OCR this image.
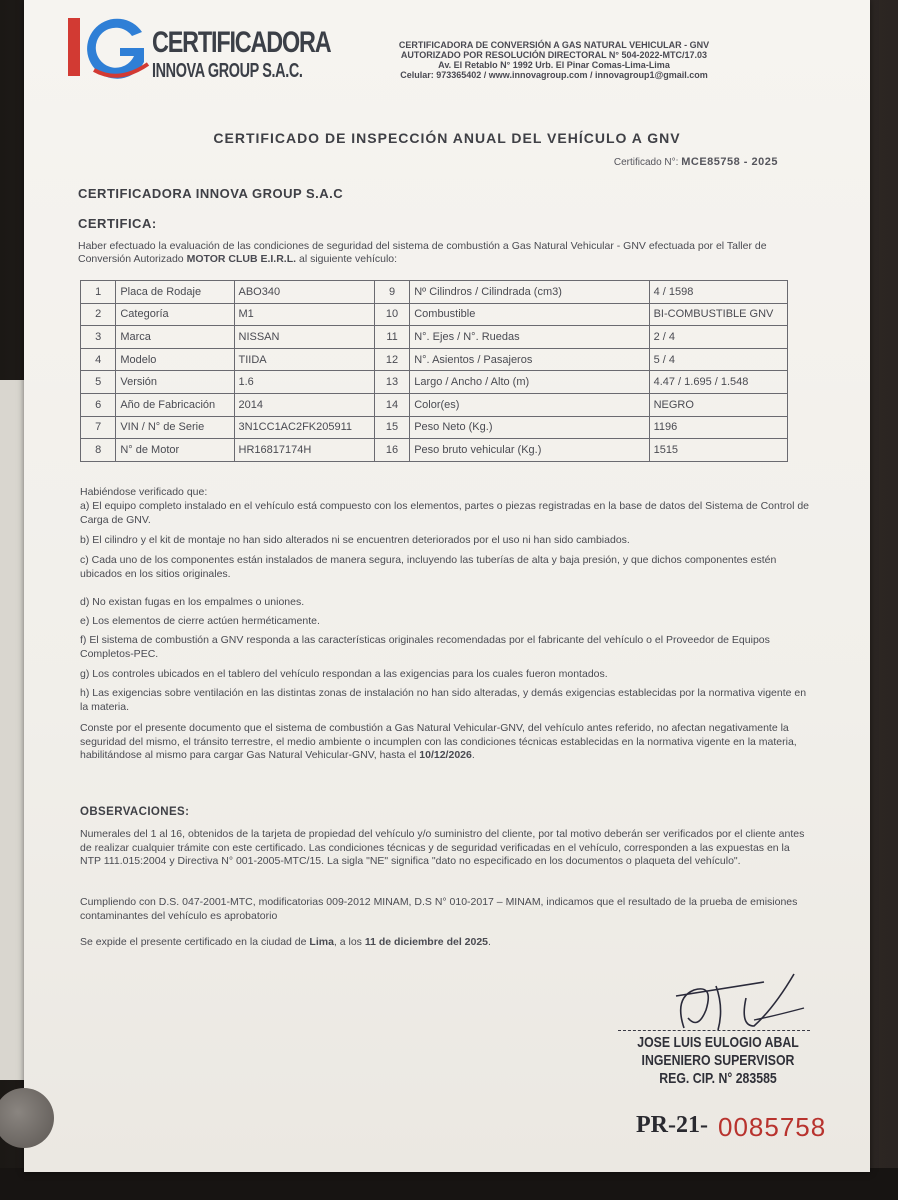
CERTIFICADORA
INNOVA GROUP S.A.C.
CERTIFICADORA DE CONVERSIÓN A GAS NATURAL VEHICULAR - GNV
AUTORIZADO POR RESOLUCIÓN DIRECTORAL N° 504-2022-MTC/17.03
Av. El Retablo N° 1992 Urb. El Pinar Comas-Lima-Lima
Celular: 973365402 / www.innovagroup.com / innovagroup1@gmail.com
CERTIFICADO DE INSPECCIÓN ANUAL DEL VEHÍCULO A GNV
Certificado N°: MCE85758 - 2025
CERTIFICADORA INNOVA GROUP S.A.C
CERTIFICA:
Haber efectuado la evaluación de las condiciones de seguridad del sistema de combustión a Gas Natural Vehicular - GNV efectuada por el Taller de Conversión Autorizado MOTOR CLUB E.I.R.L. al siguiente vehículo:
1	Placa de Rodaje	ABO340	9	Nº Cilindros / Cilindrada (cm3)	4 / 1598
2	Categoría	M1	10	Combustible	BI-COMBUSTIBLE GNV
3	Marca	NISSAN	11	N°. Ejes / N°. Ruedas	2 / 4
4	Modelo	TIIDA	12	N°. Asientos / Pasajeros	5 / 4
5	Versión	1.6	13	Largo / Ancho / Alto (m)	4.47 / 1.695 / 1.548
6	Año de Fabricación	2014	14	Color(es)	NEGRO
7	VIN / N° de Serie	3N1CC1AC2FK205911	15	Peso Neto (Kg.)	1196
8	N° de Motor	HR16817174H	16	Peso bruto vehicular (Kg.)	1515
Habiéndose verificado que:
a) El equipo completo instalado en el vehículo está compuesto con los elementos, partes o piezas registradas en la base de datos del Sistema de Control de Carga de GNV.
b) El cilindro y el kit de montaje no han sido alterados ni se encuentren deteriorados por el uso ni han sido cambiados.
c) Cada uno de los componentes están instalados de manera segura, incluyendo las tuberías de alta y baja presión, y que dichos componentes estén ubicados en los sitios originales.
d) No existan fugas en los empalmes o uniones.
e) Los elementos de cierre actúen herméticamente.
f) El sistema de combustión a GNV responda a las características originales recomendadas por el fabricante del vehículo o el Proveedor de Equipos Completos-PEC.
g) Los controles ubicados en el tablero del vehículo respondan a las exigencias para los cuales fueron montados.
h) Las exigencias sobre ventilación en las distintas zonas de instalación no han sido alteradas, y demás exigencias establecidas por la normativa vigente en la materia.
Conste por el presente documento que el sistema de combustión a Gas Natural Vehicular-GNV, del vehículo antes referido, no afectan negativamente la seguridad del mismo, el tránsito terrestre, el medio ambiente o incumplen con las condiciones técnicas establecidas en la normativa vigente en la materia, habilitándose al mismo para cargar Gas Natural Vehicular-GNV, hasta el 10/12/2026.
OBSERVACIONES:
Numerales del 1 al 16, obtenidos de la tarjeta de propiedad del vehículo y/o suministro del cliente, por tal motivo deberán ser verificados por el cliente antes de realizar cualquier trámite con este certificado. Las condiciones técnicas y de seguridad verificadas en el vehículo, corresponden a las expuestas en la NTP 111.015:2004 y Directiva N° 001-2005-MTC/15. La sigla "NE" significa "dato no especificado en los documentos o plaqueta del vehículo".
Cumpliendo con D.S. 047-2001-MTC, modificatorias 009-2012 MINAM, D.S N° 010-2017 – MINAM, indicamos que el resultado de la prueba de emisiones contaminantes del vehículo es aprobatorio
Se expide el presente certificado en la ciudad de Lima, a los 11 de diciembre del 2025.
JOSE LUIS EULOGIO ABAL
INGENIERO SUPERVISOR
REG. CIP. N° 283585
PR-21- 0085758
